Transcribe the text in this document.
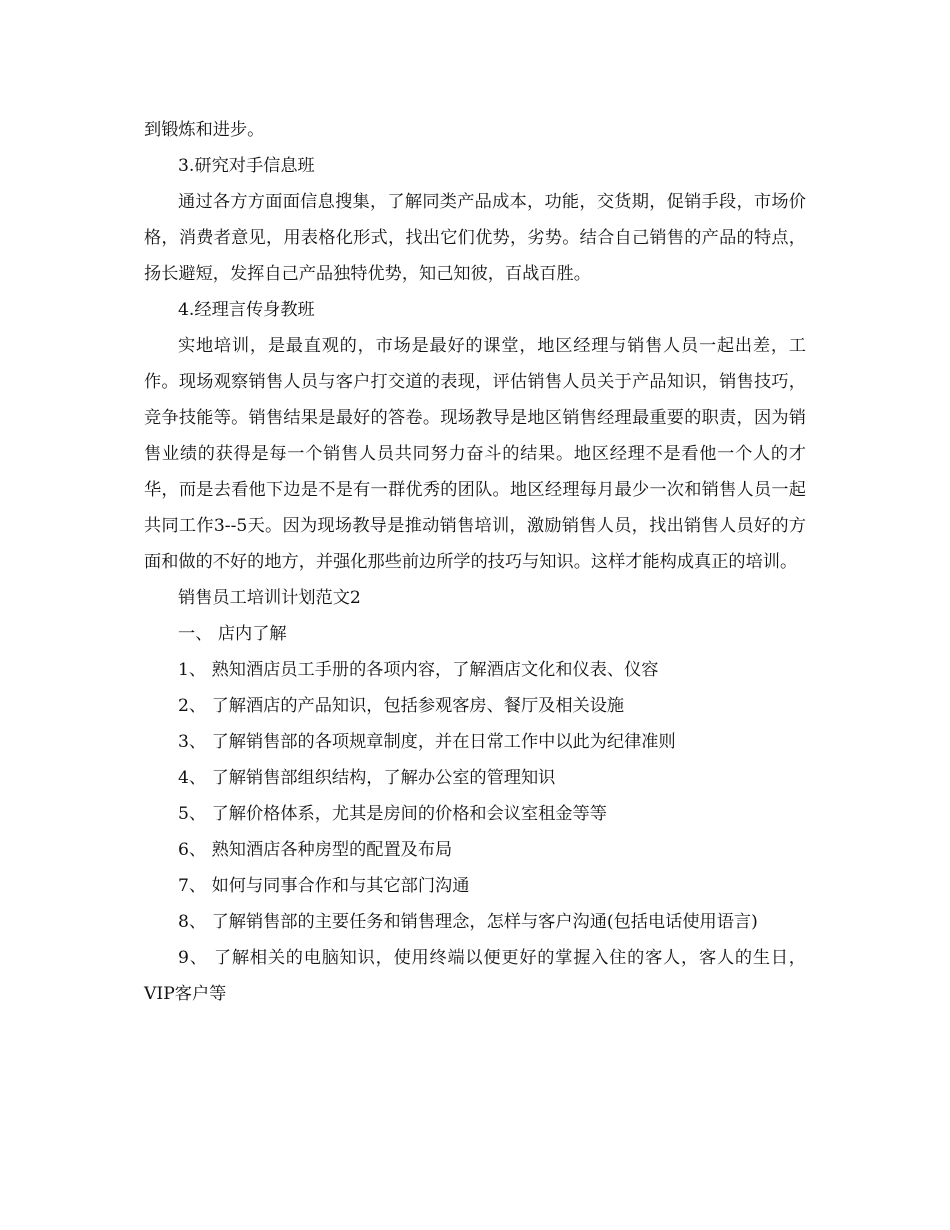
到锻炼和进步。

3.研究对手信息班

通过各方方面面信息搜集，了解同类产品成本，功能，交货期，促销手段，市场价格，消费者意见，用表格化形式，找出它们优势，劣势。结合自己销售的产品的特点，扬长避短，发挥自己产品独特优势，知己知彼，百战百胜。

4.经理言传身教班

实地培训，是最直观的，市场是最好的课堂，地区经理与销售人员一起出差，工作。现场观察销售人员与客户打交道的表现，评估销售人员关于产品知识，销售技巧，竞争技能等。销售结果是最好的答卷。现场教导是地区销售经理最重要的职责，因为销售业绩的获得是每一个销售人员共同努力奋斗的结果。地区经理不是看他一个人的才华，而是去看他下边是不是有一群优秀的团队。地区经理每月最少一次和销售人员一起共同工作3--5天。因为现场教导是推动销售培训，激励销售人员，找出销售人员好的方面和做的不好的地方，并强化那些前边所学的技巧与知识。这样才能构成真正的培训。

销售员工培训计划范文2

一、 店内了解

1、 熟知酒店员工手册的各项内容，了解酒店文化和仪表、仪容

2、 了解酒店的产品知识，包括参观客房、餐厅及相关设施

3、 了解销售部的各项规章制度，并在日常工作中以此为纪律准则

4、 了解销售部组织结构，了解办公室的管理知识

5、 了解价格体系，尤其是房间的价格和会议室租金等等

6、 熟知酒店各种房型的配置及布局

7、 如何与同事合作和与其它部门沟通

8、 了解销售部的主要任务和销售理念，怎样与客户沟通(包括电话使用语言)

9、 了解相关的电脑知识，使用终端以便更好的掌握入住的客人，客人的生日，VIP客户等
